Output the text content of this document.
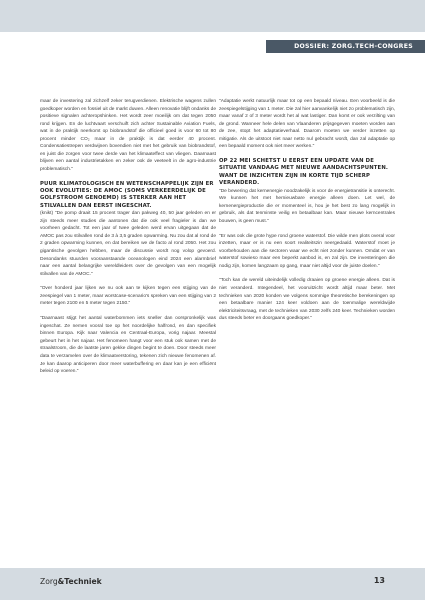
DOSSIER: ZORG.TECH-CONGRES

maar de investering zal zichzelf zeker terugverdienen. Elektrische wagens zullen goedkoper worden en fossiel uit de markt duwen. Alleen renovatie blijft ondanks de positieve signalen achteropshinken. Het wordt zeer moeilijk om dat tegen 2050 rond krijgen. En de luchtvaart verschuift zich achter Sustainable Aviation Fuels, wat in de praktijk neerkomt op biobrandstof die officieel goed is voor 60 tot 80 procent minder CO₂ maar in de praktijk is dat eerder 40 procent. Condensatiestrepen verdwijnen bovendien niet met het gebruik van biobrandstof, en juist die zorgen voor twee derde van het klimaateffect van vliegen. Daarnaast blijven een aantal industrietakken en zeker ook de veeteelt in de agro-industrie problematisch."

PUUR KLIMATOLOGISCH EN WETENSCHAPPELIJK ZIJN ER OOK EVOLUTIES: DE AMOC (SOMS VERKEERDELIJK DE GOLFSTROOM GENOEMD) IS STERKER AAN HET STILVALLEN DAN EERST INGESCHAT.

(knikt) "De pomp draait 15 procent trager dan pakweg 40, 50 jaar geleden en er zijn steeds meer studies die aantonen dat die ook veel fragieler is dan we voorheen gedacht. Tot een jaar of twee geleden werd ervan uitgegaan dat de AMOC pas zou stilvallen rond de 3 à 3,5 graden opwarming. Nu zou dat al rond de 2 graden opwarming kunnen, en dat bereiken we de facto al rond 2050. Het zou gigantische gevolgen hebben, maar de discussie wordt nog volop gevoerd. Desondanks stuurden vooraanstaande oceanologen eind 2024 een alarmbrief naar een aantal belangrijke wereldleiders over de gevolgen van een mogelijk stilvallen van de AMOC."

"Over honderd jaar lijken we nu ook aan te kijken tegen een stijging van de zeespiegel van 1 meter, maar worstcase-scenario's spreken van een stijging van 2 meter tegen 2100 en 5 meter tegen 2150."

"Daarnaast stijgt het aantal waterbommen iets sneller dan oorspronkelijk was ingeschat. Ze nemen vooral toe op het noordelijke halfrond, en dan specifiek binnen Europa. Kijk naar Valencia en Centraal-Europa, vorig najaar. Meestal gebeurt het in het najaar. Het fenomeen hangt voor een stuk ook samen met de straalstroom, die de laatste jaren gekke dingen begint te doen. Door steeds meer data te verzamelen over de klimaatverstoring, tekenen zich nieuwe fenomenen af. Je kan daarop anticiperen door meer waterbuffering en daar kan je een efficiënt beleid op voeren."

"Adaptatie werkt natuurlijk maar tot op een bepaald niveau. Een voorbeeld is die zeespiegelstijging van 1 meter. Die zal hier aanvankelijk niet zo problematisch zijn, maar vanaf 2 of 3 meter wordt het al wat lastiger. Dan komt er ook verzilting van de grond. Wanneer hele delen van Vlaanderen prijsgegeven moeten worden aan de zee, stopt het adaptatieverhaal. Daarom moeten we verder inzetten op mitigatie. Als de uitstoot niet naar netto nul gebracht wordt, dan zal adaptatie op een bepaald moment ook niet meer werken."

OP 22 MEI SCHETST U EERST EEN UPDATE VAN DE SITUATIE VANDAAG MET NIEUWE AANDACHTSPUNTEN. WANT DE INZICHTEN ZIJN IN KORTE TIJD SCHERP VERANDERD.

"De bewering dat kernenergie noodzakelijk is voor de energietransitie is onterecht. We kunnen het met hernieuwbare energie alleen doen. Let wel, de kernenergieproductie die er momenteel is, hou je het best zo lang mogelijk in gebruik, als dat tenminste veilig en betaalbaar kan. Maar nieuwe kerncentrales bouwen, is geen must."

"Er was ook die grote hype rond groene waterstof. Die wilde men plots overal voor inzetten, maar er is nu een soort realiteitszin neergedaald. Waterstof moet je voorbehouden aan die sectoren waar we echt niet zonder kunnen. Omdat er van waterstof sowieso maar een beperkt aanbod is, en zal zijn. De investeringen die nodig zijn, komen langzaam op gang, maar niet altijd voor de juiste doelen."

"Toch kan de wereld uiteindelijk volledig draaien op groene energie alleen. Dat is niet veranderd. Integendeel, het vooruitzicht wordt altijd maar beter. Met technieken van 2020 konden we volgens sommige theoretische berekeningen op een betaalbare manier 124 keer voldoen aan de toenmalige wereldwijde elektriciteitsvraag, met de technieken van 2030 zelfs 240 keer. Technieken worden dus steeds beter en doorgaans goedkoper."

Zorg&Techniek	13
